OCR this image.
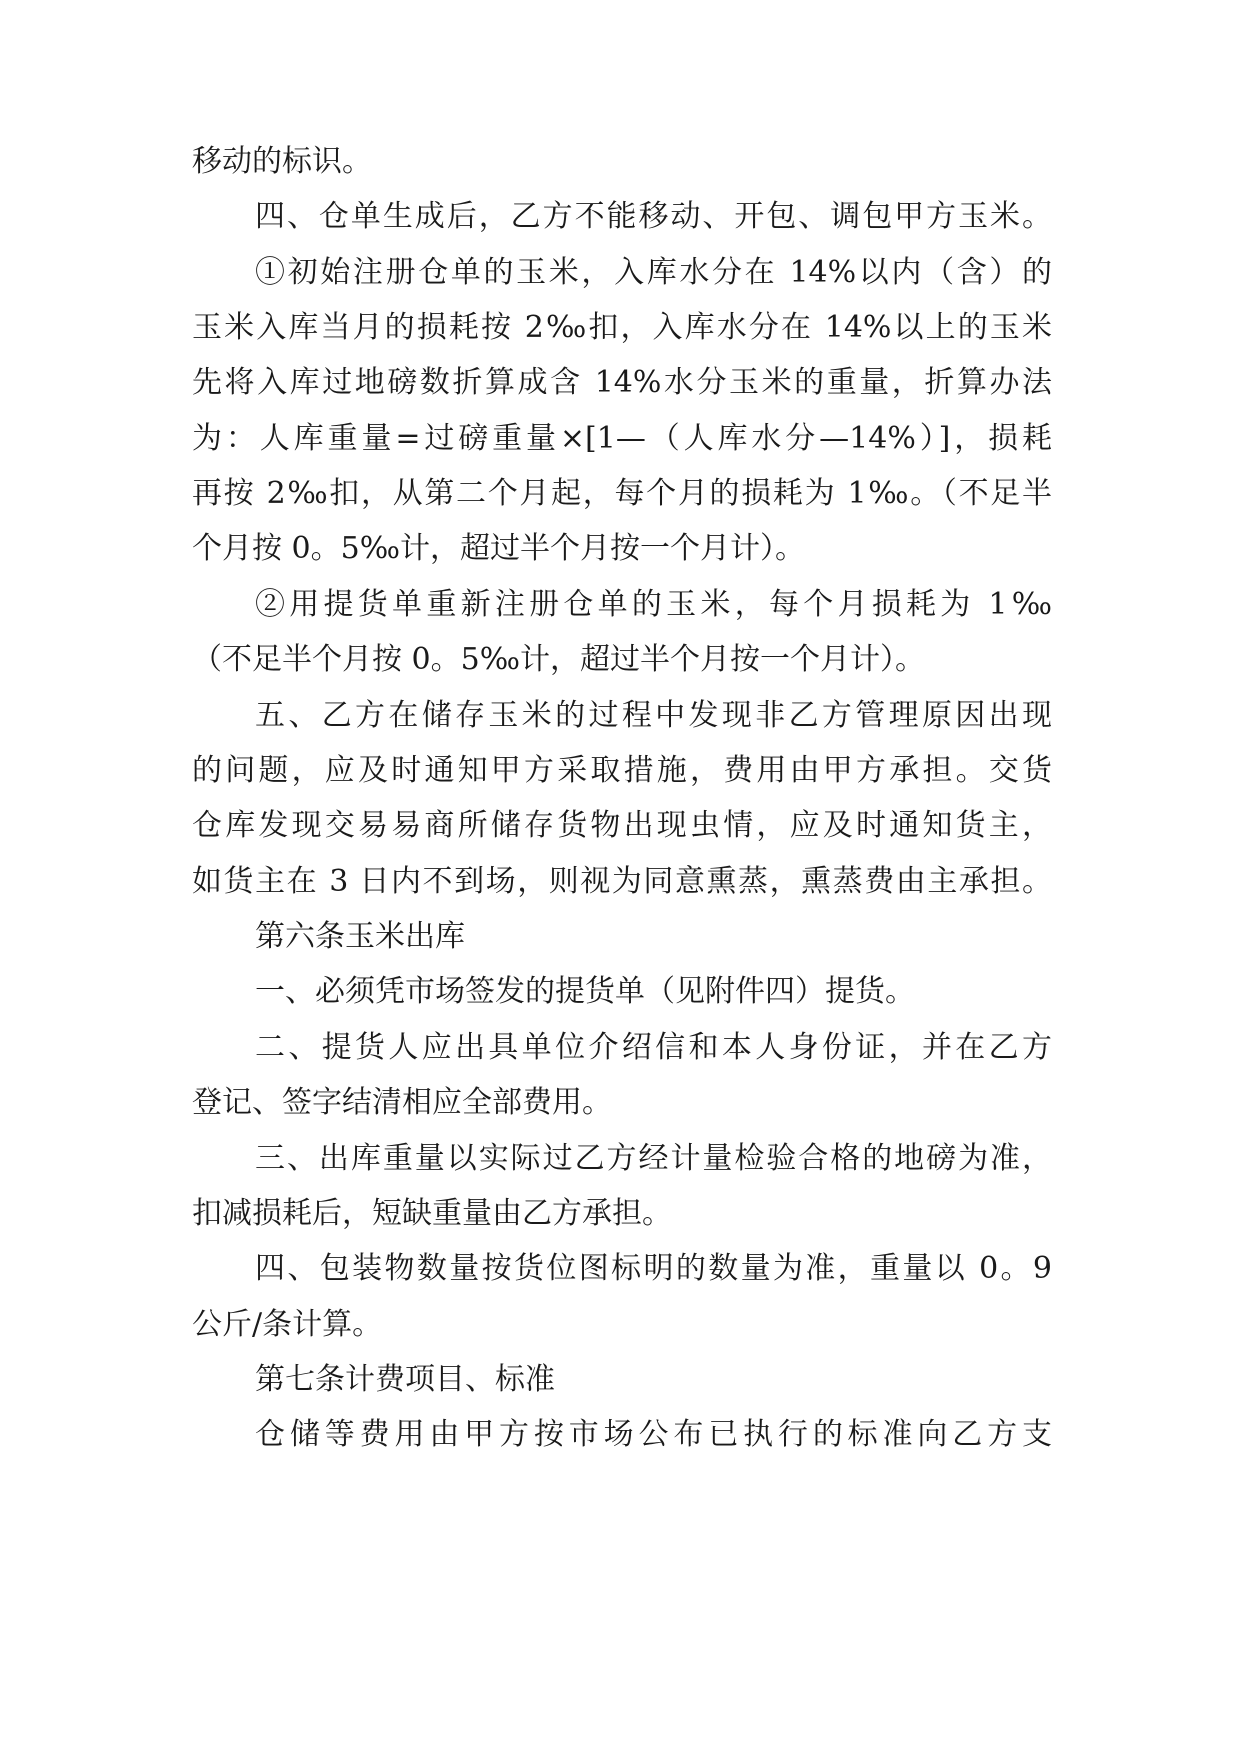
移动的标识。
四、仓单生成后，乙方不能移动、开包、调包甲方玉米。
①初始注册仓单的玉米，入库水分在 14%以内（含）的
玉米入库当月的损耗按 2‰扣，入库水分在 14%以上的玉米
先将入库过地磅数折算成含 14%水分玉米的重量，折算办法
为：人库重量=过磅重量×[1—（人库水分—14%）]，损耗
再按 2‰扣，从第二个月起，每个月的损耗为 1‰。（不足半
个月按 0。5‰计，超过半个月按一个月计）。
②用提货单重新注册仓单的玉米，每个月损耗为 1‰
（不足半个月按 0。5‰计，超过半个月按一个月计）。
五、乙方在储存玉米的过程中发现非乙方管理原因出现
的问题，应及时通知甲方采取措施，费用由甲方承担。交货
仓库发现交易易商所储存货物出现虫情，应及时通知货主，
如货主在 3 日内不到场，则视为同意熏蒸，熏蒸费由主承担。
第六条玉米出库
一、必须凭市场签发的提货单（见附件四）提货。
二、提货人应出具单位介绍信和本人身份证，并在乙方
登记、签字结清相应全部费用。
三、出库重量以实际过乙方经计量检验合格的地磅为准，
扣减损耗后，短缺重量由乙方承担。
四、包装物数量按货位图标明的数量为准，重量以 0。9
公斤/条计算。
第七条计费项目、标准
仓储等费用由甲方按市场公布已执行的标准向乙方支
